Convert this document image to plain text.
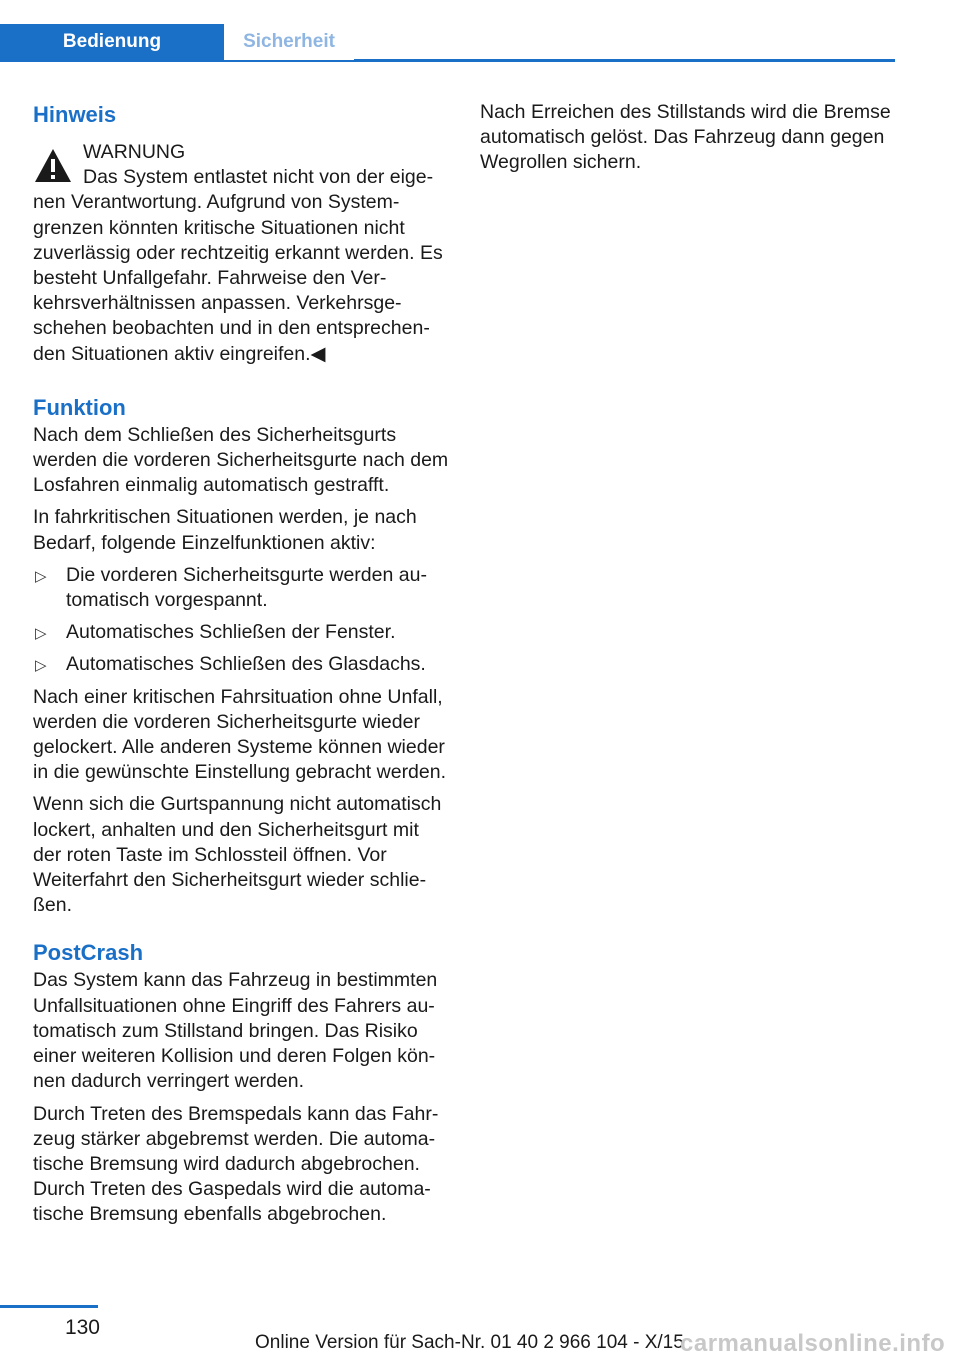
Bedienung	Sicherheit
Hinweis
WARNUNG

Das System entlastet nicht von der eigenen Verantwortung. Aufgrund von Systemgrenzen könnten kritische Situationen nicht zuverlässig oder rechtzeitig erkannt werden. Es besteht Unfallgefahr. Fahrweise den Verkehrsverhältnissen anpassen. Verkehrsgeschehen beobachten und in den entsprechenden Situationen aktiv eingreifen.◀

Funktion

Nach dem Schließen des Sicherheitsgurts werden die vorderen Sicherheitsgurte nach dem Losfahren einmalig automatisch gestrafft.

In fahrkritischen Situationen werden, je nach Bedarf, folgende Einzelfunktionen aktiv:

▷ Die vorderen Sicherheitsgurte werden automatisch vorgespannt.
▷ Automatisches Schließen der Fenster.
▷ Automatisches Schließen des Glasdachs.

Nach einer kritischen Fahrsituation ohne Unfall, werden die vorderen Sicherheitsgurte wieder gelockert. Alle anderen Systeme können wieder in die gewünschte Einstellung gebracht werden.

Wenn sich die Gurtspannung nicht automatisch lockert, anhalten und den Sicherheitsgurt mit der roten Taste im Schlossteil öffnen. Vor Weiterfahrt den Sicherheitsgurt wieder schließen.

PostCrash

Das System kann das Fahrzeug in bestimmten Unfallsituationen ohne Eingriff des Fahrers automatisch zum Stillstand bringen. Das Risiko einer weiteren Kollision und deren Folgen können dadurch verringert werden.

Durch Treten des Bremspedals kann das Fahrzeug stärker abgebremst werden. Die automatische Bremsung wird dadurch abgebrochen. Durch Treten des Gaspedals wird die automatische Bremsung ebenfalls abgebrochen.

Nach Erreichen des Stillstands wird die Bremse automatisch gelöst. Das Fahrzeug dann gegen Wegrollen sichern.

130
Online Version für Sach-Nr. 01 40 2 966 104 - X/15
carmanualsonline.info
